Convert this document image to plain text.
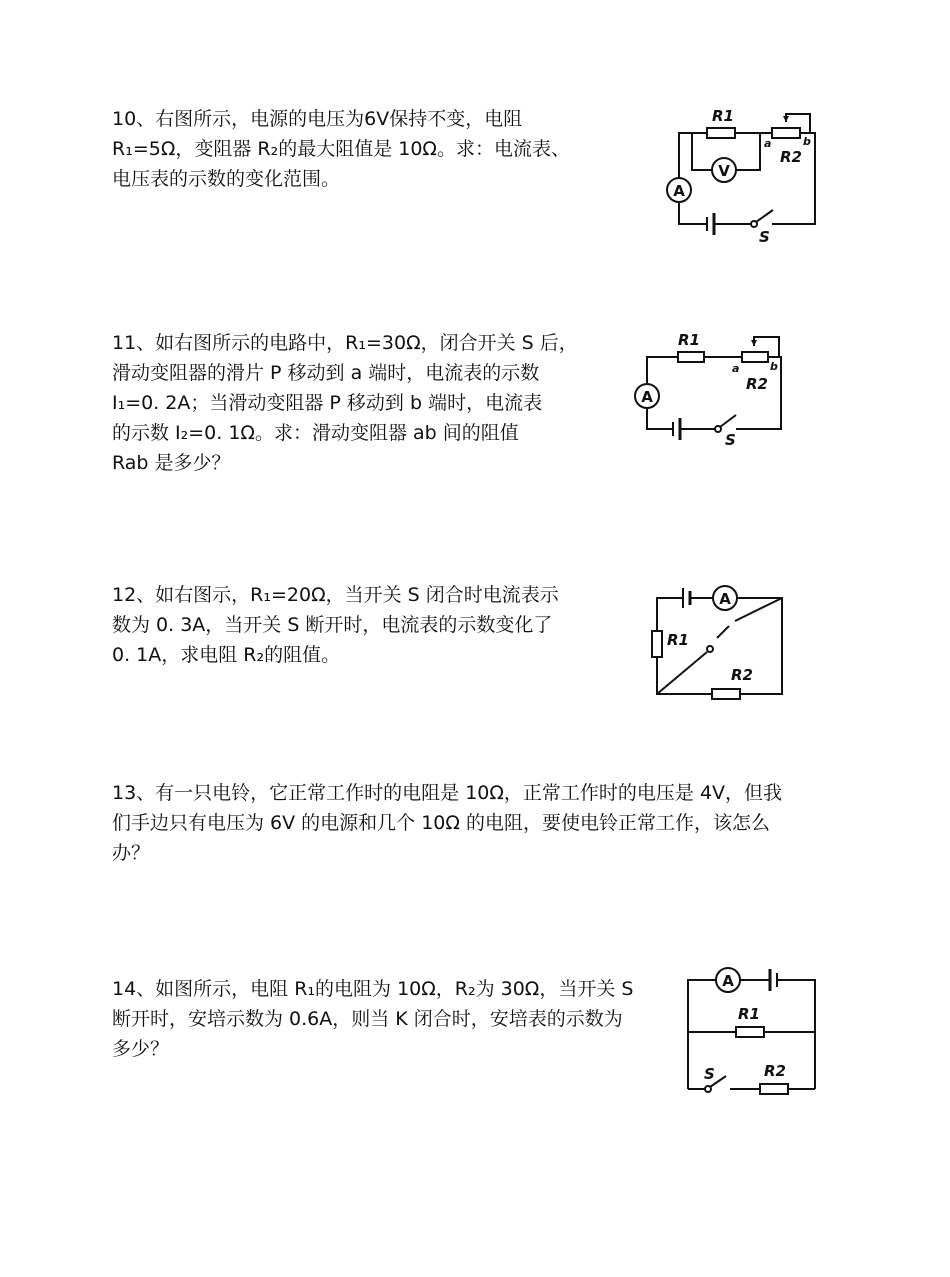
10、右图所示，电源的电压为6V保持不变，电阻
R₁=5Ω，变阻器 R₂的最大阻值是 10Ω。求：电流表、
电压表的示数的变化范围。
A
V
R1
R2
a	b
S
11、如右图所示的电路中，R₁=30Ω，闭合开关 S 后，
滑动变阻器的滑片 P 移动到 a 端时，电流表的示数
I₁=0. 2A；当滑动变阻器 P 移动到 b 端时，电流表
的示数 I₂=0. 1Ω。求：滑动变阻器 ab 间的阻值
Rab 是多少？
A
R1
R2
a	b
S
12、如右图示，R₁=20Ω，当开关 S 闭合时电流表示
数为 0. 3A，当开关 S 断开时，电流表的示数变化了
0. 1A，求电阻 R₂的阻值。
A
R1
R2
13、有一只电铃，它正常工作时的电阻是 10Ω，正常工作时的电压是 4V，但我
们手边只有电压为 6V 的电源和几个 10Ω 的电阻，要使电铃正常工作，该怎么
办？
14、如图所示，电阻 R₁的电阻为 10Ω，R₂为 30Ω，当开关 S
断开时，安培示数为 0.6A，则当 K 闭合时，安培表的示数为
多少？
A
R1
R2
S
